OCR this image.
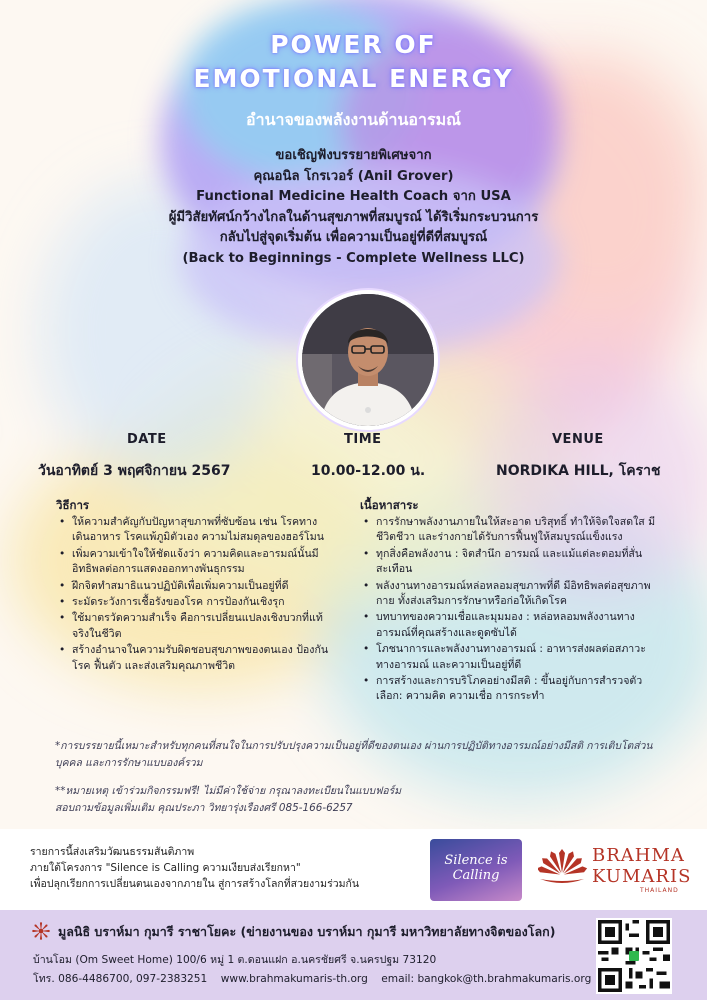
POWER OF
EMOTIONAL ENERGY
อำนาจของพลังงานด้านอารมณ์
ขอเชิญฟังบรรยายพิเศษจาก
คุณอนิล โกรเวอร์ (Anil Grover)
Functional Medicine Health Coach จาก USA
ผู้มีวิสัยทัศน์กว้างไกลในด้านสุขภาพที่สมบูรณ์ ได้ริเริ่มกระบวนการ
กลับไปสู่จุดเริ่มต้น เพื่อความเป็นอยู่ที่ดีที่สมบูรณ์
(Back to Beginnings - Complete Wellness LLC)
DATE	TIME	VENUE
วันอาทิตย์ 3 พฤศจิกายน 2567	10.00-12.00 น.	NORDIKA HILL, โคราช
วิธีการ
• ให้ความสำคัญกับปัญหาสุขภาพที่ซับซ้อน เช่น โรคทางเดินอาหาร โรคแพ้ภูมิตัวเอง ความไม่สมดุลของฮอร์โมน
• เพิ่มความเข้าใจให้ชัดแจ้งว่า ความคิดและอารมณ์นั้นมีอิทธิพลต่อการแสดงออกทางพันธุกรรม
• ฝึกจิตทำสมาธิแนวปฏิบัติเพื่อเพิ่มความเป็นอยู่ที่ดี
• ระมัดระวังการเชื้อรังของโรค การป้องกันเชิงรุก
• ใช้มาตรวัดความสำเร็จ คือการเปลี่ยนแปลงเชิงบวกที่แท้จริงในชีวิต
• สร้างอำนาจในความรับผิดชอบสุขภาพของตนเอง ป้องกันโรค ฟื้นตัว และส่งเสริมคุณภาพชีวิต
เนื้อหาสาระ
• การรักษาพลังงานภายในให้สะอาด บริสุทธิ์ ทำให้จิตใจสดใส มีชีวิตชีวา และร่างกายได้รับการฟื้นฟูให้สมบูรณ์แข็งแรง
• ทุกสิ่งคือพลังงาน : จิตสำนึก อารมณ์ และแม้แต่ละตอมที่สั่นสะเทือน
• พลังงานทางอารมณ์หล่อหลอมสุขภาพที่ดี มีอิทธิพลต่อสุขภาพกาย ทั้งส่งเสริมการรักษาหรือก่อให้เกิดโรค
• บทบาทของความเชื่อและมุมมอง : หล่อหลอมพลังงานทางอารมณ์ที่คุณสร้างและดูดซับได้
• โภชนาการและพลังงานทางอารมณ์ : อาหารส่งผลต่อสภาวะทางอารมณ์ และความเป็นอยู่ที่ดี
• การสร้างและการบริโภคอย่างมีสติ : ขึ้นอยู่กับการสำรวจตัวเลือก: ความคิด ความเชื่อ การกระทำ
*การบรรยายนี้เหมาะสำหรับทุกคนที่สนใจในการปรับปรุงความเป็นอยู่ที่ดีของตนเอง ผ่านการปฏิบัติทางอารมณ์อย่างมีสติ การเติบโตส่วนบุคคล และการรักษาแบบองค์รวม
**หมายเหตุ เข้าร่วมกิจกรรมฟรี! ไม่มีค่าใช้จ่าย กรุณาลงทะเบียนในแบบฟอร์ม
สอบถามข้อมูลเพิ่มเติม คุณประภา วิทยารุ่งเรืองศรี 085-166-6257
รายการนี้ส่งเสริมวัฒนธรรมสันติภาพ
ภายใต้โครงการ "Silence is Calling ความเงียบส่งเรียกหา"
เพื่อปลุกเรียกการเปลี่ยนตนเองจากภายใน สู่การสร้างโลกที่สวยงามร่วมกัน
Silence is
Calling
BRAHMA
KUMARIS
THAILAND
มูลนิธิ บราห์มา กุมารี ราชาโยคะ (ข่ายงานของ บราห์มา กุมารี มหาวิทยาลัยทางจิตของโลก)
บ้านโอม (Om Sweet Home) 100/6 หมู่ 1 ต.ดอนแฝก อ.นครชัยศรี จ.นครปฐม 73120
โทร. 086-4486700, 097-2383251    www.brahmakumaris-th.org    email: bangkok@th.brahmakumaris.org
